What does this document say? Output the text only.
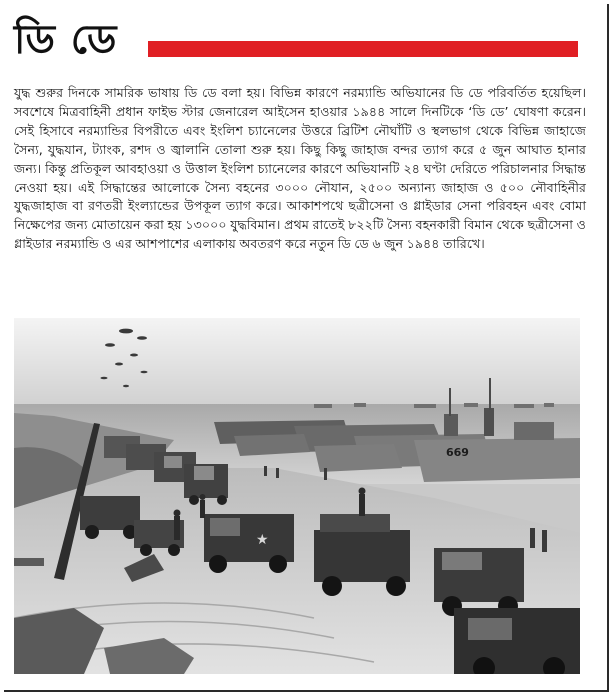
ডি ডে

যুদ্ধ শুরুর দিনকে সামরিক ভাষায় ডি ডে বলা হয়। বিভিন্ন কারণে নরম্যান্ডি অভিযানের ডি ডে পরিবর্তিত হয়েছিল। সবশেষে মিত্রবাহিনী প্রধান ফাইভ স্টার জেনারেল আইসেন হাওয়ার ১৯৪৪ সালে দিনটিকে ‘ডি ডে’ ঘোষণা করেন। সেই হিসাবে নরম্যান্ডির বিপরীতে এবং ইংলিশ চ্যানেলের উত্তরে ব্রিটিশ নৌঘাঁটি ও স্থলভাগ থেকে বিভিন্ন জাহাজে সৈন্য, যুদ্ধযান, ট্যাংক, রশদ ও জ্বালানি তোলা শুরু হয়। কিছু কিছু জাহাজ বন্দর ত্যাগ করে ৫ জুন আঘাত হানার জন্য। কিন্তু প্রতিকূল আবহাওয়া ও উত্তাল ইংলিশ চ্যানেলের কারণে অভিযানটি ২৪ ঘণ্টা দেরিতে পরিচালনার সিদ্ধান্ত নেওয়া হয়। এই সিদ্ধান্তের আলোকে সৈন্য বহনের ৩০০০ নৌযান, ২৫০০ অন্যান্য জাহাজ ও ৫০০ নৌবাহিনীর যুদ্ধজাহাজ বা রণতরী ইংল্যান্ডের উপকূল ত্যাগ করে। আকাশপথে ছত্রীসেনা ও গ্লাইডার সেনা পরিবহন এবং বোমা নিক্ষেপের জন্য মোতায়েন করা হয় ১৩০০০ যুদ্ধবিমান। প্রথম রাতেই ৮২২টি সৈন্য বহনকারী বিমান থেকে ছত্রীসেনা ও গ্লাইডার নরম্যান্ডি ও এর আশপাশের এলাকায় অবতরণ করে নতুন ডি ডে ৬ জুন ১৯৪৪ তারিখে।

669
★
